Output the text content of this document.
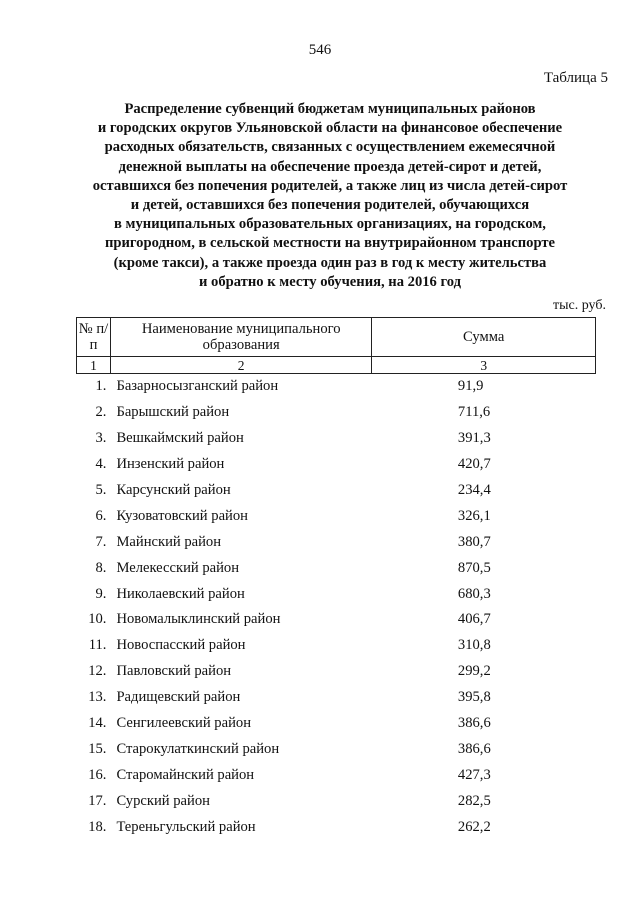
546
Таблица 5
Распределение субвенций бюджетам муниципальных районов
и городских округов Ульяновской области на финансовое обеспечение
расходных обязательств, связанных с осуществлением ежемесячной
денежной выплаты на обеспечение проезда детей-сирот и детей,
оставшихся без попечения родителей, а также лиц из числа детей-сирот
и детей, оставшихся без попечения родителей, обучающихся
в муниципальных образовательных организациях, на городском,
пригородном, в сельской местности на внутрирайонном транспорте
(кроме такси), а также проезда один раз в год к месту жительства
и обратно к месту обучения, на 2016 год
тыс. руб.
№ п/п	Наименование муниципального образования	Сумма
1	2	3
1.	Базарносызганский район	91,9
2.	Барышский район	711,6
3.	Вешкаймский район	391,3
4.	Инзенский район	420,7
5.	Карсунский район	234,4
6.	Кузоватовский район	326,1
7.	Майнский район	380,7
8.	Мелекесский район	870,5
9.	Николаевский район	680,3
10.	Новомалыклинский район	406,7
11.	Новоспасский район	310,8
12.	Павловский район	299,2
13.	Радищевский район	395,8
14.	Сенгилеевский район	386,6
15.	Старокулаткинский район	386,6
16.	Старомайнский район	427,3
17.	Сурский район	282,5
18.	Тереньгульский район	262,2
